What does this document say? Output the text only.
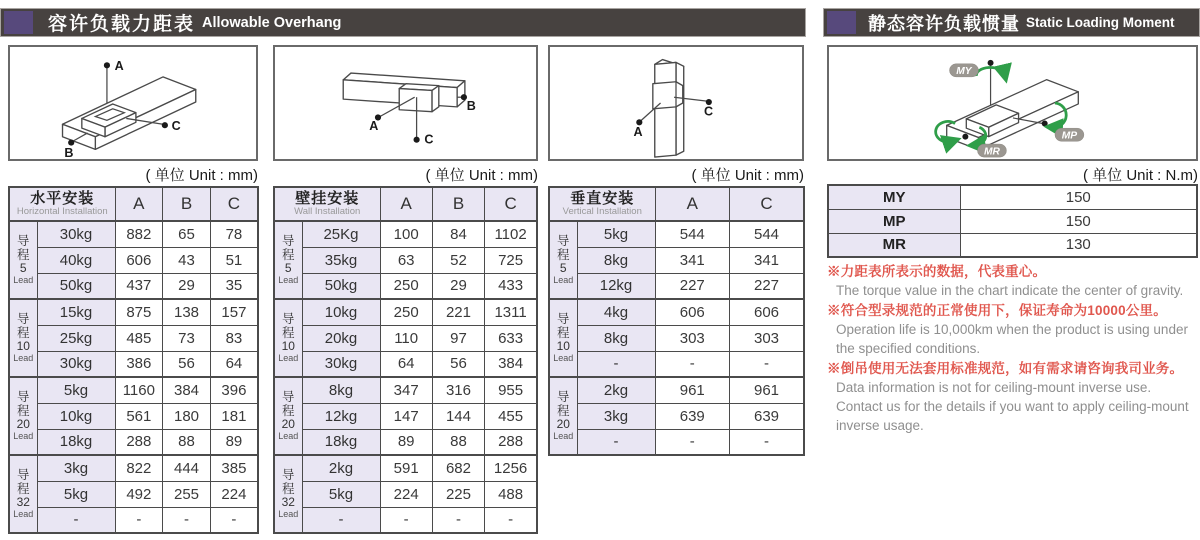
容许负载力距表 Allowable Overhang	静态容许负载惯量 Static Loading Moment
A
B
C	A
B
C
A
C
MY
MP
MR
( 单位 Unit : mm)	( 单位 Unit : mm)	( 单位 Unit : mm)	( 单位 Unit : N.m)
水平安装
Horizontal Installation		A	B	C

导
程
5
Lead	30kg	882	65	78
	40kg	606	43	51
	50kg	437	29	35

导
程
10
Lead	15kg	875	138	157
	25kg	485	73	83
	30kg	386	56	64

导
程
20
Lead	5kg	1160	384	396
	10kg	561	180	181
	18kg	288	88	89

导
程
32
Lead	3kg	822	444	385
	5kg	492	255	224
	-	-	-	-
壁挂安装
Wall Installation		A	B	C

导
程
5
Lead	25Kg	100	84	1102
	35kg	63	52	725
	50kg	250	29	433

导
程
10
Lead	10kg	250	221	1311
	20kg	110	97	633
	30kg	64	56	384

导
程
20
Lead	8kg	347	316	955
	12kg	147	144	455
	18kg	89	88	288

导
程
32
Lead	2kg	591	682	1256
	5kg	224	225	488
	-	-	-	-
垂直安装
Vertical Installation		A	C

导
程
5
Lead	5kg	544	544
	8kg	341	341
	12kg	227	227

导
程
10
Lead	4kg	606	606
	8kg	303	303
	-	-	-

导
程
20
Lead	2kg	961	961
	3kg	639	639
	-	-	-
MY	150
MP	150
MR	130
※力距表所表示的数据，代表重心。
The torque value in the chart indicate the center of gravity.
※符合型录规范的正常使用下，保证寿命为10000公里。
Operation life is 10,000km when the product is using under the specified conditions.
※倒吊使用无法套用标准规范，如有需求请咨询我司业务。
Data information is not for ceiling-mount inverse use.
Contact us for the details if you want to apply ceiling-mount inverse usage.
